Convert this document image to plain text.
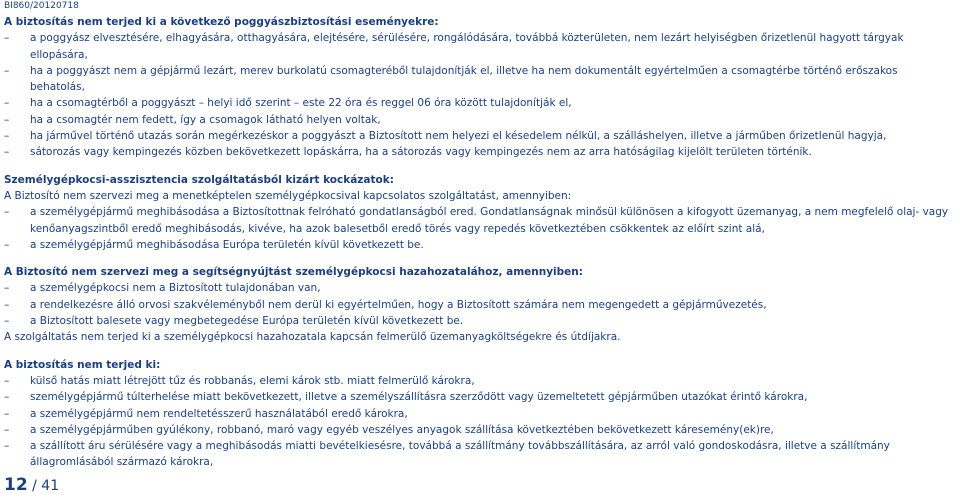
BI860/20120718

A biztosítás nem terjed ki a következő poggyászbiztosítási eseményekre:

– a poggyász elvesztésére, elhagyására, otthagyására, elejtésére, sérülésére, rongálódására, továbbá közterületen, nem lezárt helyiségben őrizetlenül hagyott tárgyak ellopására,

– ha a poggyászt nem a gépjármű lezárt, merev burkolatú csomagteréből tulajdonítják el, illetve ha nem dokumentált egyértelműen a csomagtérbe történő erőszakos behatolás,

– ha a csomagtérből a poggyászt – helyi idő szerint – este 22 óra és reggel 06 óra között tulajdonítják el,

– ha a csomagtér nem fedett, így a csomagok látható helyen voltak,

– ha járművel történő utazás során megérkezéskor a poggyászt a Biztosított nem helyezi el késedelem nélkül, a szálláshelyen, illetve a járműben őrizetlenül hagyja,

– sátorozás vagy kempingezés közben bekövetkezett lopáskárra, ha a sátorozás vagy kempingezés nem az arra hatóságilag kijelölt területen történik.

Személygépkocsi-asszisztencia szolgáltatásból kizárt kockázatok:

A Biztosító nem szervezi meg a menetképtelen személygépkocsival kapcsolatos szolgáltatást, amennyiben:

– a személygépjármű meghibásodása a Biztosítottnak felróható gondatlanságból ered. Gondatlanságnak minősül különösen a kifogyott üzemanyag, a nem megfelelő olaj- vagy kenőanyagszintből eredő meghibásodás, kivéve, ha azok balesetből eredő törés vagy repedés következtében csökkentek az előírt szint alá,

– a személygépjármű meghibásodása Európa területén kívül következett be.

A Biztosító nem szervezi meg a segítségnyújtást személygépkocsi hazahozatalához, amennyiben:

– a személygépkocsi nem a Biztosított tulajdonában van,

– a rendelkezésre álló orvosi szakvéleményből nem derül ki egyértelműen, hogy a Biztosított számára nem megengedett a gépjárművezetés,

– a Biztosított balesete vagy megbetegedése Európa területén kívül következett be.

A szolgáltatás nem terjed ki a személygépkocsi hazahozatala kapcsán felmerülő üzemanyagköltségekre és útdíjakra.

A biztosítás nem terjed ki:

– külső hatás miatt létrejött tűz és robbanás, elemi károk stb. miatt felmerülő károkra,

– személygépjármű túlterhelése miatt bekövetkezett, illetve a személyszállításra szerződött vagy üzemeltetett gépjárműben utazókat érintő károkra,

– a személygépjármű nem rendeltetésszerű használatából eredő károkra,

– a személygépjárműben gyúlékony, robbanó, maró vagy egyéb veszélyes anyagok szállítása következtében bekövetkezett káresemény(ek)re,

– a szállított áru sérülésére vagy a meghibásodás miatti bevételkiesésre, továbbá a szállítmány továbbszállítására, az arról való gondoskodásra, illetve a szállítmány állagromlásából származó károkra,

12 / 41
